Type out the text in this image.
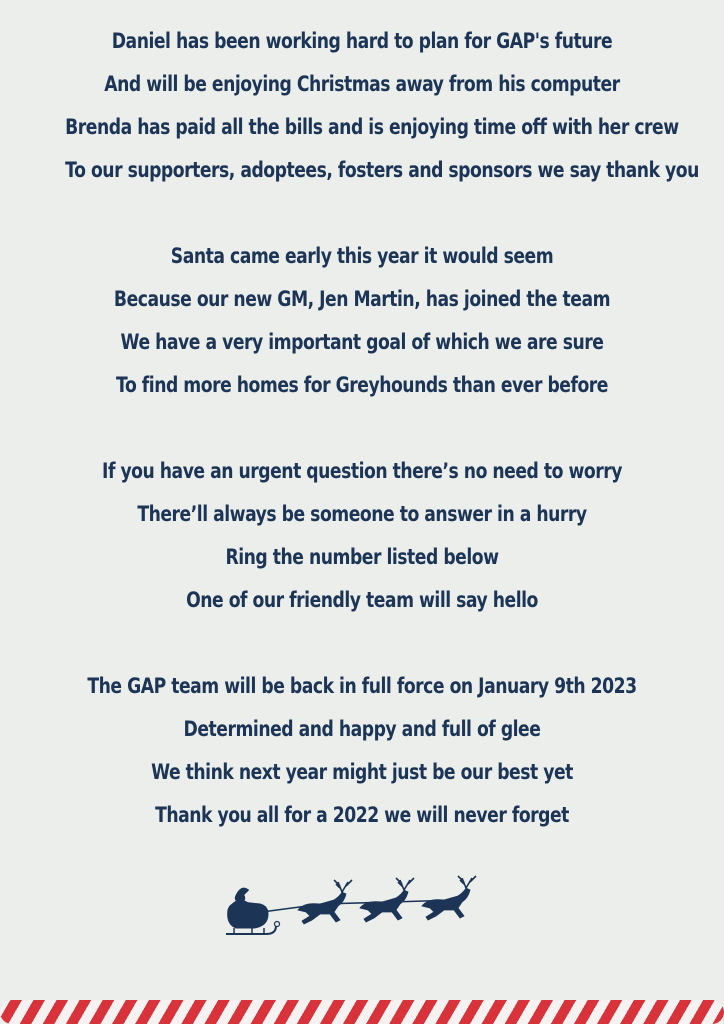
Daniel has been working hard to plan for GAP's future
And will be enjoying Christmas away from his computer
Brenda has paid all the bills and is enjoying time off with her crew
To our supporters, adoptees, fosters and sponsors we say thank you
Santa came early this year it would seem
Because our new GM, Jen Martin, has joined the team
We have a very important goal of which we are sure
To find more homes for Greyhounds than ever before
If you have an urgent question there’s no need to worry
There’ll always be someone to answer in a hurry
Ring the number listed below
One of our friendly team will say hello
The GAP team will be back in full force on January 9th 2023
Determined and happy and full of glee
We think next year might just be our best yet
Thank you all for a 2022 we will never forget
